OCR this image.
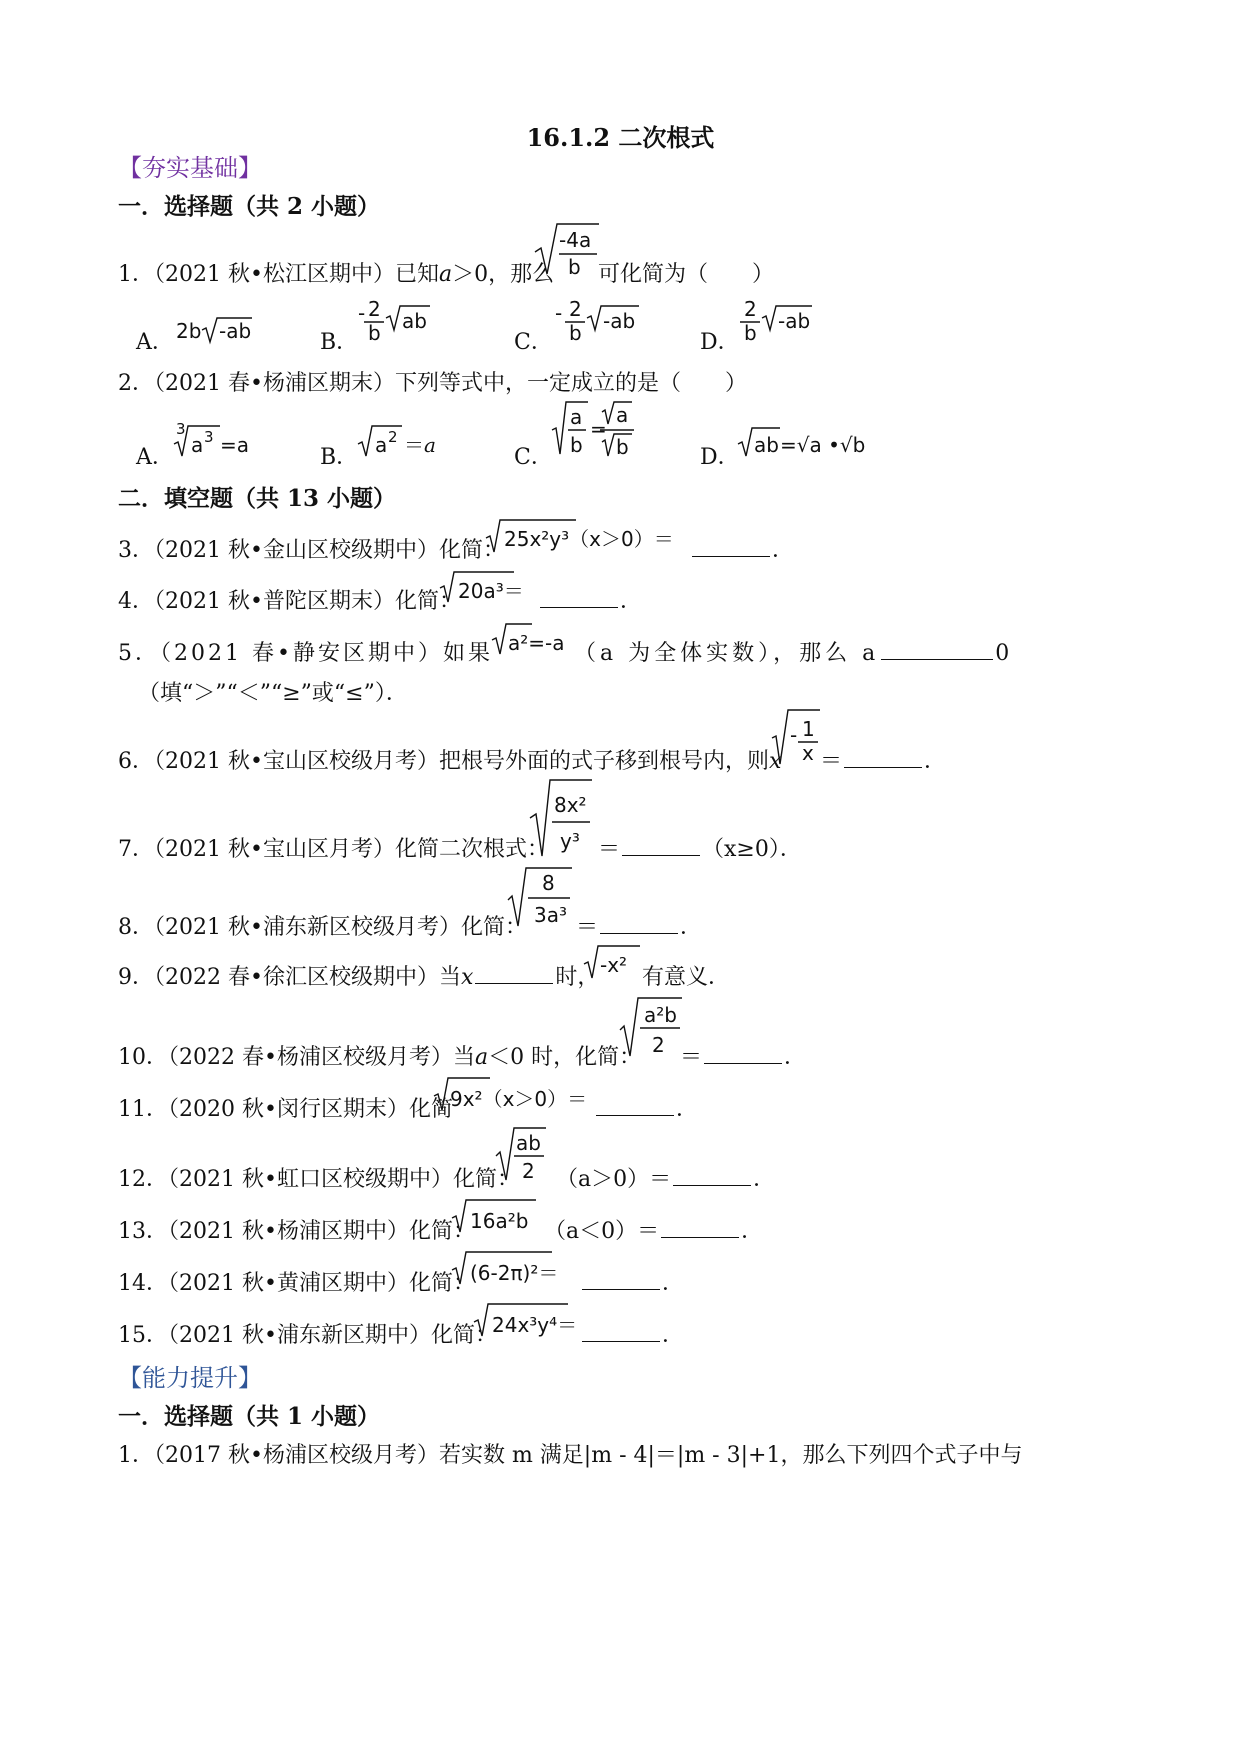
16.1.2 二次根式
【夯实基础】
一．选择题（共 2 小题）
1．（2021 秋•松江区期中）已知a＞0，那么
-4a
b 可化简为（　　）
A． 2b -ab	B．
- 2
b ab
C．
- 2
b -ab
D．
2
b -ab
2．（2021 春•杨浦区期末）下列等式中，一定成立的是（　　）
A．
3
a 3 =a	B． a 2 ＝ a	C．
a
b
=
a
b	D． ab =√a •√b
二．填空题（共 13 小题）
3．（2021 秋•金山区校级期中）化简： 25x²y³（x＞0）＝	．
4．（2021 秋•普陀区期末）化简：
20a³＝	．
5．（2021 春•静安区期中）如果 a²=-a （a 为全体实数），那么 a	0
（填“＞”“＜”“≥”或“≤”）．
6．（2021 秋•宝山区校级月考）把根号外面的式子移到根号内，则x
- 1
x ＝	．
7．（2021 秋•宝山区月考）化简二次根式：
8x²
y³ ＝	（x≥0）．
8．（2021 秋•浦东新区校级月考）化简：
8
3a³ ＝	．
9．（2022 春•徐汇区校级期中）当x	时， -x² 有意义．
10．（2022 春•杨浦区校级月考）当a＜0 时，化简：
a²b
2 ＝	．
11．（2020 秋•闵行区期末）化简
9x²（x＞0）＝	．
12．（2021 秋•虹口区校级期中）化简：
ab
2 （a＞0）＝	．
13．（2021 秋•杨浦区期中）化简：
16a²b （a＜0）＝	．
14．（2021 秋•黄浦区期中）化简：
(6-2π)²＝	．
15．（2021 秋•浦东新区期中）化简：
24x³y⁴＝	．
【能力提升】
一．选择题（共 1 小题）
1．（2017 秋•杨浦区校级月考）若实数 m 满足|m - 4|＝|m - 3|+1，那么下列四个式子中与
